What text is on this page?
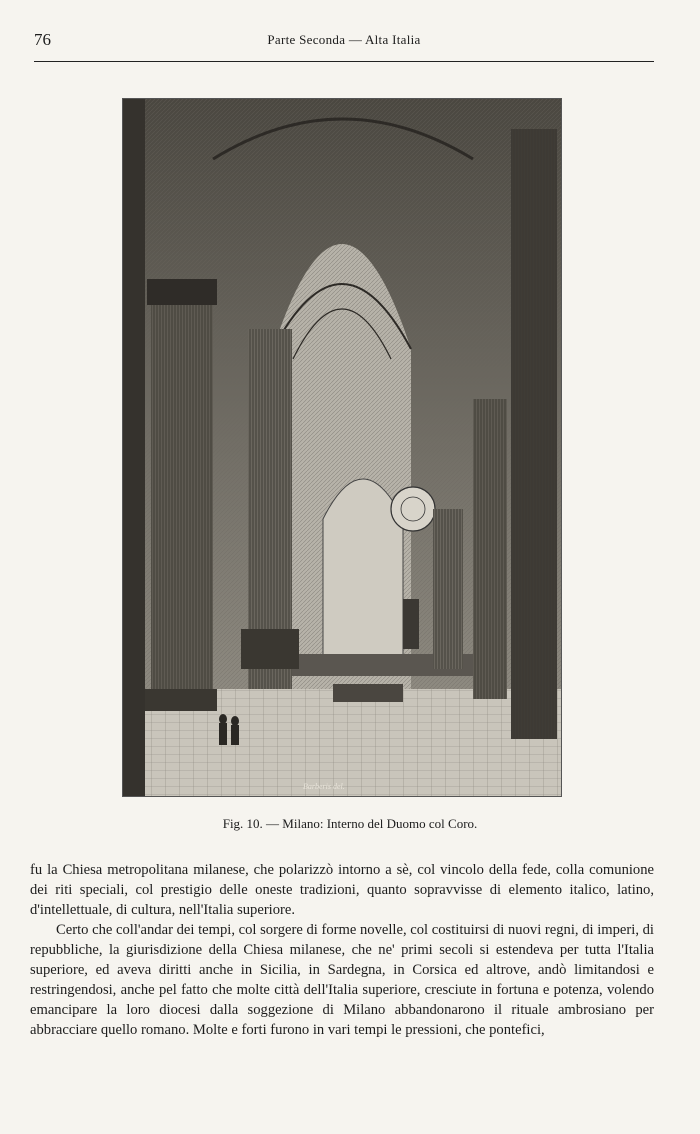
76	Parte Seconda — Alta Italia
Barberis del.
Fig. 10. — Milano: Interno del Duomo col Coro.

fu la Chiesa metropolitana milanese, che polarizzò intorno a sè, col vincolo della fede, colla comunione dei riti speciali, col prestigio delle oneste tradizioni, quanto sopravvisse di elemento italico, latino, d'intellettuale, di cultura, nell'Italia superiore.

Certo che coll'andar dei tempi, col sorgere di forme novelle, col costituirsi di nuovi regni, di imperi, di repubbliche, la giurisdizione della Chiesa milanese, che ne' primi secoli si estendeva per tutta l'Italia superiore, ed aveva diritti anche in Sicilia, in Sardegna, in Corsica ed altrove, andò limitandosi e restringendosi, anche pel fatto che molte città dell'Italia superiore, cresciute in fortuna e potenza, volendo emancipare la loro diocesi dalla soggezione di Milano abbandonarono il rituale ambrosiano per abbracciare quello romano. Molte e forti furono in vari tempi le pressioni, che pontefici,
